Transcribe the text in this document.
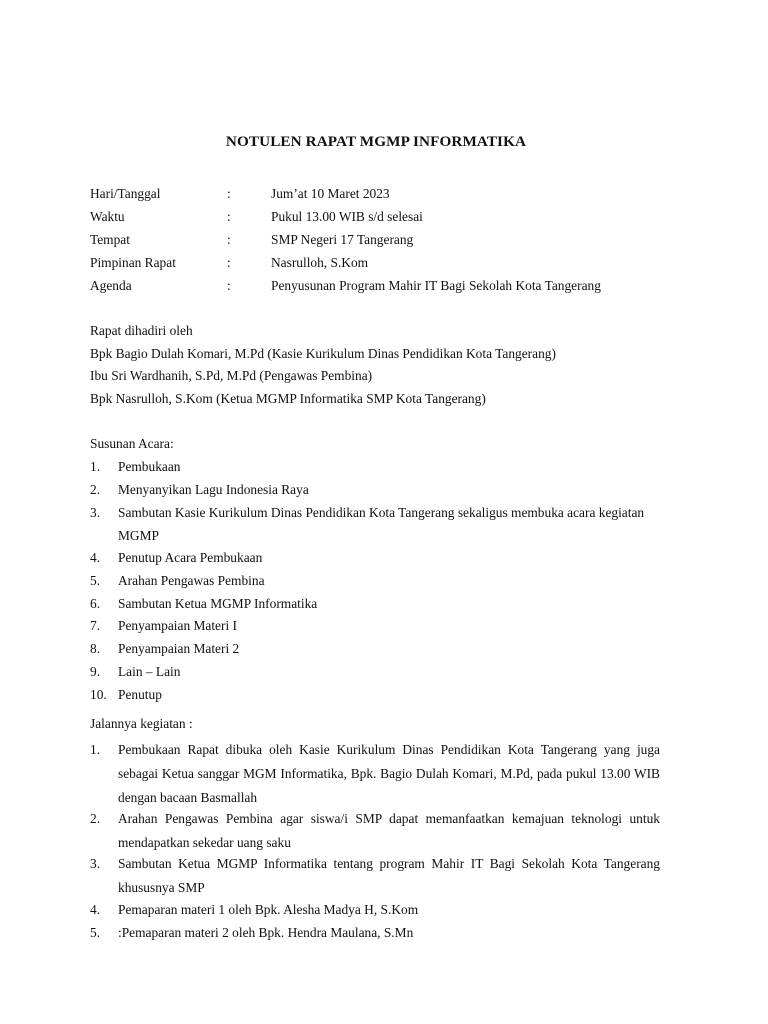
NOTULEN RAPAT MGMP INFORMATIKA
Hari/Tanggal	:	Jum’at 10 Maret 2023
Waktu	:	Pukul 13.00 WIB s/d selesai
Tempat	:	SMP Negeri 17 Tangerang
Pimpinan Rapat	:	Nasrulloh, S.Kom
Agenda	:	Penyusunan Program Mahir IT Bagi Sekolah Kota Tangerang
Rapat dihadiri oleh
Bpk Bagio Dulah Komari, M.Pd (Kasie Kurikulum Dinas Pendidikan Kota Tangerang)
Ibu Sri Wardhanih, S.Pd, M.Pd (Pengawas Pembina)
Bpk Nasrulloh, S.Kom (Ketua MGMP Informatika SMP Kota Tangerang)
Susunan Acara:
1. Pembukaan
2. Menyanyikan Lagu Indonesia Raya
3. Sambutan Kasie Kurikulum Dinas Pendidikan Kota Tangerang sekaligus membuka acara kegiatan MGMP
4. Penutup Acara Pembukaan
5. Arahan Pengawas Pembina
6. Sambutan Ketua MGMP Informatika
7. Penyampaian Materi I
8. Penyampaian Materi 2
9. Lain – Lain
10. Penutup
Jalannya kegiatan :
1. Pembukaan Rapat dibuka oleh Kasie Kurikulum Dinas Pendidikan Kota Tangerang yang juga sebagai Ketua sanggar MGM Informatika, Bpk. Bagio Dulah Komari, M.Pd, pada pukul 13.00 WIB dengan bacaan Basmallah
2. Arahan Pengawas Pembina agar siswa/i SMP dapat memanfaatkan kemajuan teknologi untuk mendapatkan sekedar uang saku
3. Sambutan Ketua MGMP Informatika tentang program Mahir IT Bagi Sekolah Kota Tangerang khususnya SMP
4. Pemaparan materi 1 oleh Bpk. Alesha Madya H, S.Kom
5. :Pemaparan materi 2 oleh Bpk. Hendra Maulana, S.Mn
